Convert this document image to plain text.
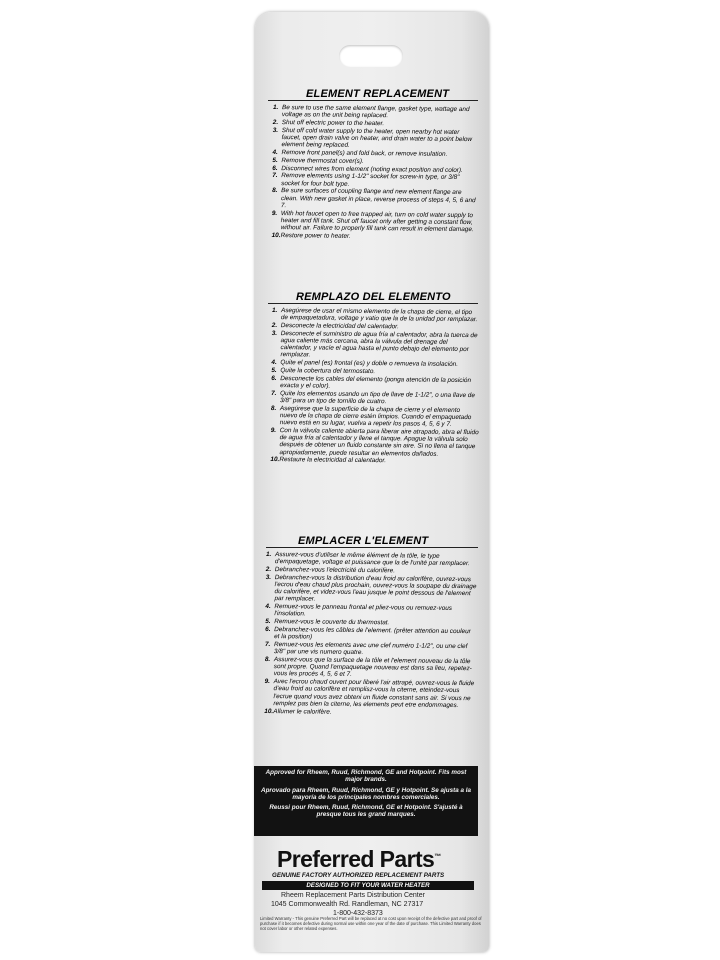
ELEMENT REPLACEMENT
1. Be sure to use the same element flange, gasket type, wattage and voltage as on the unit being replaced.
2. Shut off electric power to the heater.
3. Shut off cold water supply to the heater, open nearby hot water faucet, open drain valve on heater, and drain water to a point below element being replaced.
4. Remove front panel(s) and fold back, or remove insulation.
5. Remove thermostat cover(s).
6. Disconnect wires from element (noting exact position and color).
7. Remove elements using 1-1/2" socket for screw-in type, or 3/8" socket for four bolt type.
8. Be sure surfaces of coupling flange and new element flange are clean. With new gasket in place, reverse process of steps 4, 5, 6 and 7.
9. With hot faucet open to free trapped air, turn on cold water supply to heater and fill tank. Shut off faucet only after getting a constant flow, without air. Failure to properly fill tank can result in element damage.
10. Restore power to heater.
REMPLAZO DEL ELEMENTO
1. Asegúrese de usar el mismo elemento de la chapa de cierre, el tipo de empaquetadura, voltage y vatio que la de la unidad por remplazar.
2. Desconecte la electricidad del calentador.
3. Desconecte el suministro de agua fría al calentador, abra la tuerca de agua caliente más cercana, abra la válvula del drenage del calentador, y vacíe el agua hasta el punto debajo del elemento por remplazar.
4. Quite el panel (es) frontal (es) y doble o remueva la insolación.
5. Quite la cobertura del termostato.
6. Desconecte los cables del elemento (ponga atención de la posición exacta y el color).
7. Quite los elementos usando un tipo de llave de 1-1/2", o una llave de 3/8" para un tipo de tornillo de cuatro.
8. Asegúrese que la superficie de la chapa de cierre y el elemento nuevo de la chapa de cierre estén limpios. Cuando el empaquetado nuevo está en su lugar, vuelva a repetir los pasos 4, 5, 6 y 7.
9. Con la válvula caliente abierta para liberar aire atrapado, abra el fluido de agua fría al calentador y llene el tanque. Apague la válvula solo después de obtener un fluido constante sin aire. Si no llena el tanque apropiadamente, puede resultar en elementos dañados.
10. Restaure la electricidad al calentador.
EMPLACER L'ELEMENT
1. Assurez-vous d'utiliser le même élément de la tôle, le type d'empaquetage, voltage et puissance que la de l'unité par remplacer.
2. Debranchez-vous l'electricité du calorifère.
3. Debranchez-vous la distribution d'eau froid au calorifère, ouvrez-vous l'ecrou d'eau chaud plus prochain, ouvrez-vous la soupape du drainage du calorifère, et videz-vous l'eau jusque le point dessous de l'element par remplacer.
4. Remuez-vous le panneau frontal et pliez-vous ou remuez-vous l'insolation.
5. Remuez-vous le couverte du thermostat.
6. Debranchez-vous les câbles de l'element. (prêter attention au couleur et la position)
7. Remuez-vous les elements avec une clef numéro 1-1/2", ou une clef 3/8" par une vis numero quatre.
8. Assurez-vous que la surface de la tôle et l'element nouveau de la tôle sont propre. Quand l'empaquetage nouveau est dans sa lieu, repetez-vous les procés 4, 5, 6 et 7.
9. Avec l'ecrou chaud ouvert pour liberé l'air attrapé, ouvrez-vous le fluide d'eau froid au calorifère et remplisz-vous la citerne, eteindez-vous l'ecrue quand vous avez obteni un fluide constant sans air. Si vous ne remplez pas bien la citerne, les elements peut etre endommages.
10. Allumer le calorifère.

Approved for Rheem, Ruud, Richmond, GE and Hotpoint. Fits most major brands.

Aprovado para Rheem, Ruud, Richmond, GE y Hotpoint. Se ajusta a la mayoría de los principales nombres comerciales.

Reussi pour Rheem, Ruud, Richmond, GE et Hotpoint. S'ajusté à presque tous les grand marques.

Preferred Parts™
GENUINE FACTORY AUTHORIZED REPLACEMENT PARTS
DESIGNED TO FIT YOUR WATER HEATER
Rheem Replacement Parts Distribution Center
1045 Commonwealth Rd. Randleman, NC 27317
1-800-432-8373
Limited Warranty - This genuine Preferred Part will be replaced at no cost upon receipt of the defective part and proof of purchase if it becomes defective during normal use within one year of the date of purchase. This Limited Warranty does not cover labor or other related expenses.
